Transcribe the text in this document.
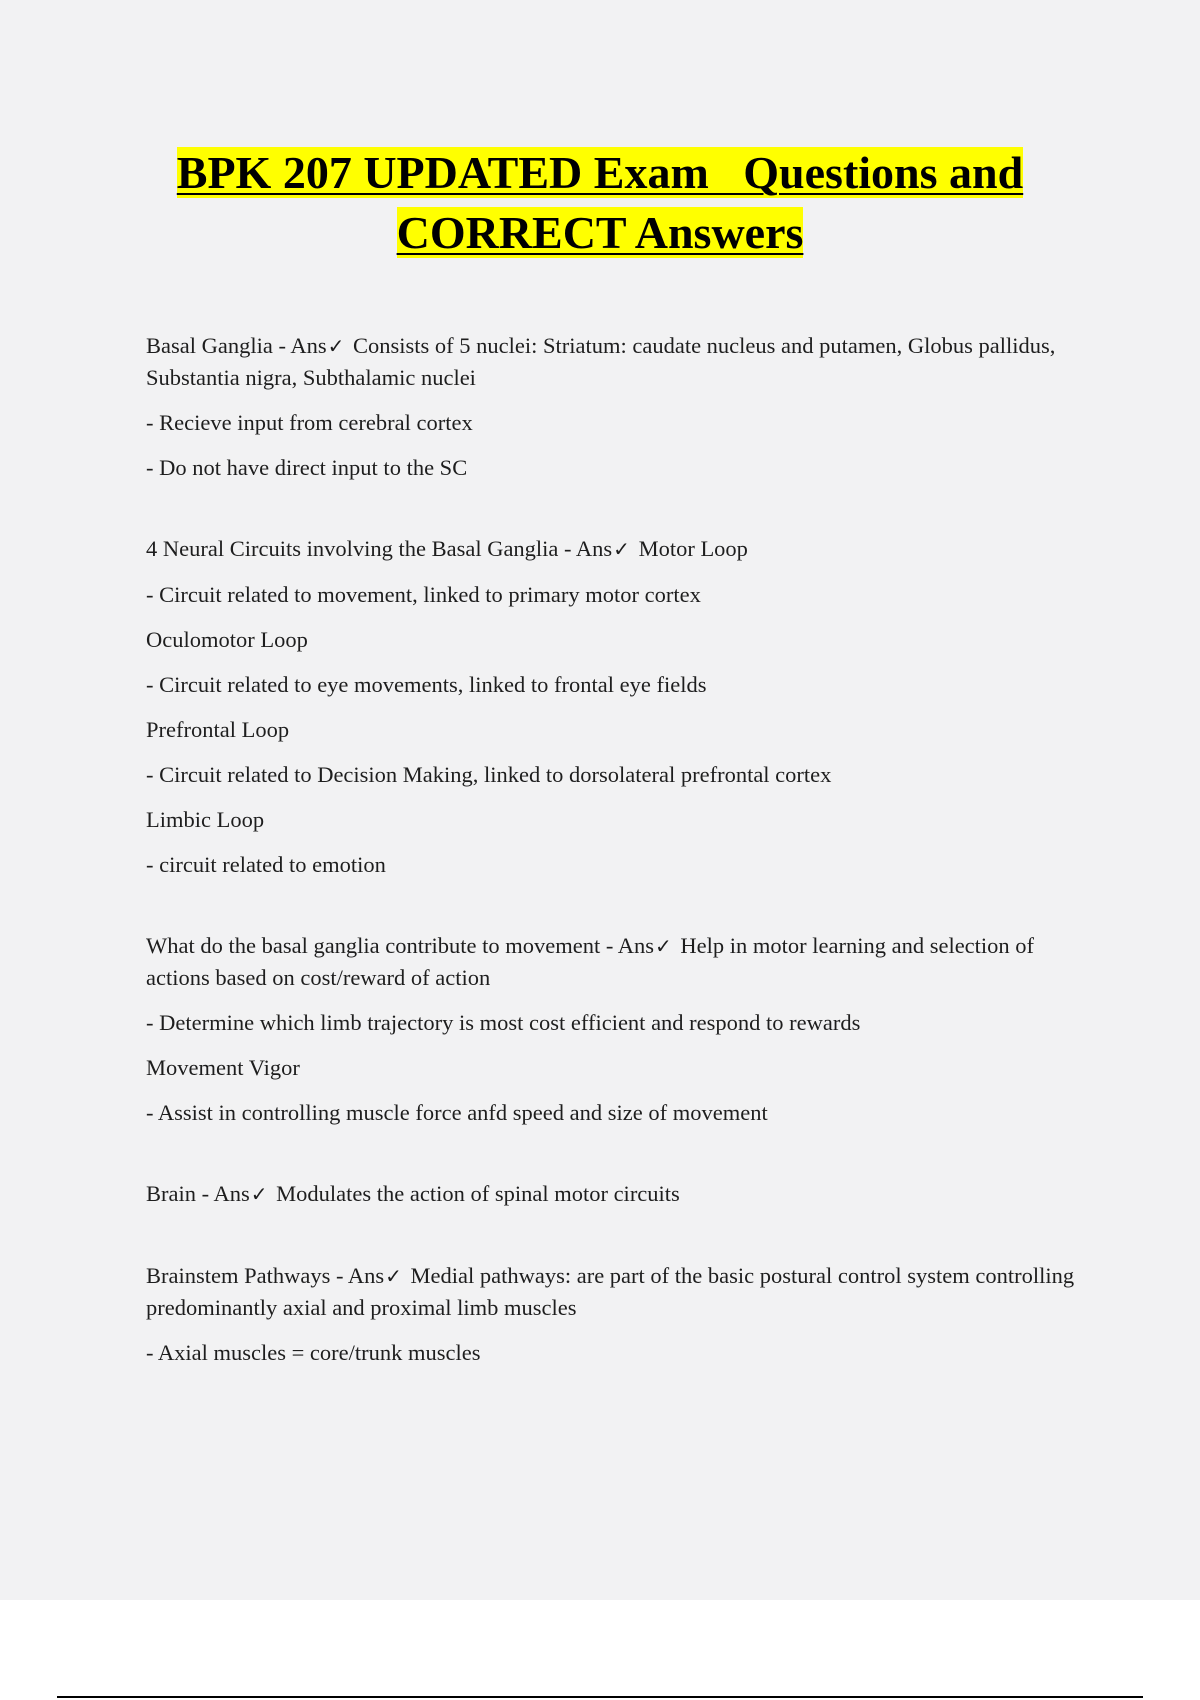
BPK 207 UPDATED Exam   Questions and
CORRECT Answers

Basal Ganglia - Ans✓ Consists of 5 nuclei: Striatum: caudate nucleus and putamen, Globus pallidus, Substantia nigra, Subthalamic nuclei

- Recieve input from cerebral cortex

- Do not have direct input to the SC

4 Neural Circuits involving the Basal Ganglia - Ans✓ Motor Loop

- Circuit related to movement, linked to primary motor cortex

Oculomotor Loop

- Circuit related to eye movements, linked to frontal eye fields

Prefrontal Loop

- Circuit related to Decision Making, linked to dorsolateral prefrontal cortex

Limbic Loop

- circuit related to emotion

What do the basal ganglia contribute to movement - Ans✓ Help in motor learning and selection of actions based on cost/reward of action

- Determine which limb trajectory is most cost efficient and respond to rewards

Movement Vigor

- Assist in controlling muscle force anfd speed and size of movement

Brain - Ans✓ Modulates the action of spinal motor circuits

Brainstem Pathways - Ans✓ Medial pathways: are part of the basic postural control system controlling predominantly axial and proximal limb muscles

- Axial muscles = core/trunk muscles
